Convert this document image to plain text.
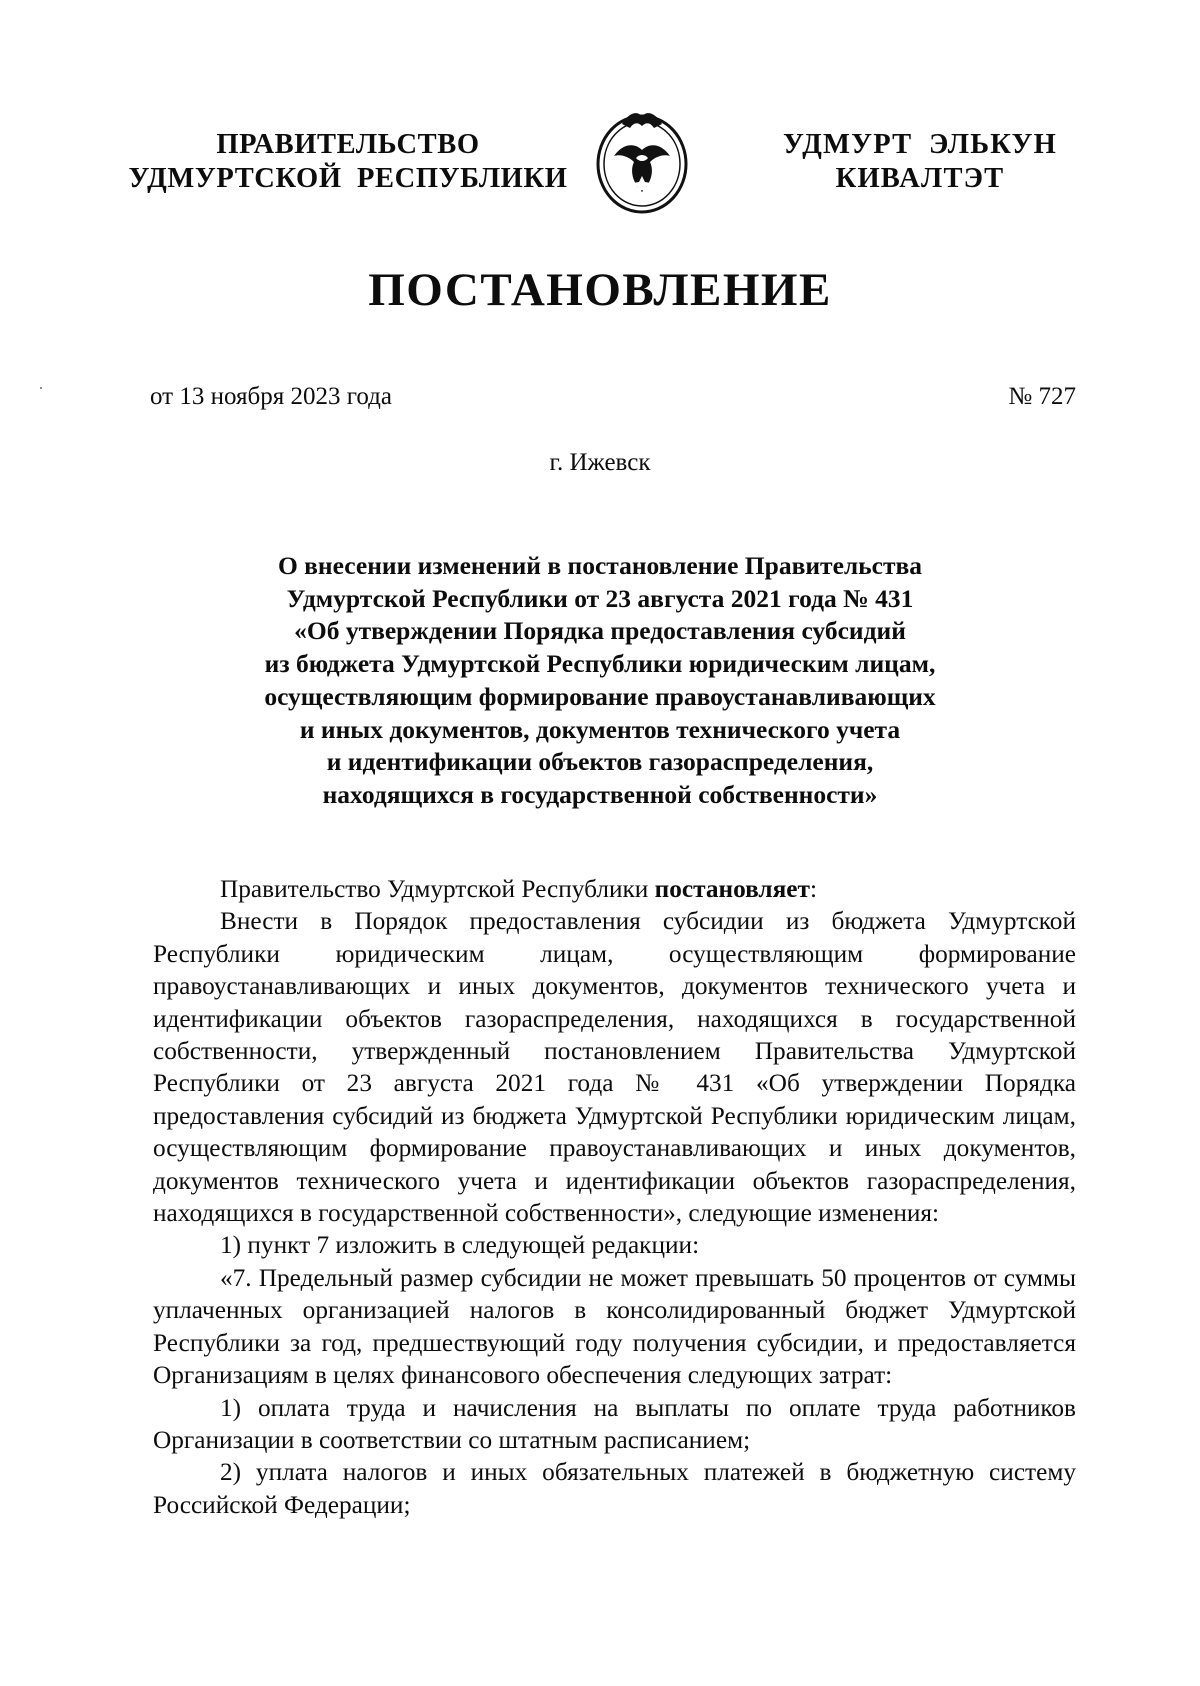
ПРАВИТЕЛЬСТВО
УДМУРТСКОЙ  РЕСПУБЛИКИ
УДМУРТ  ЭЛЬКУН
КИВАЛТЭТ
ПОСТАНОВЛЕНИЕ
от 13 ноября 2023 года	№ 727
г. Ижевск
О внесении изменений в постановление Правительства
Удмуртской Республики от 23 августа 2021 года № 431
«Об утверждении Порядка предоставления субсидий
из бюджета Удмуртской Республики юридическим лицам,
осуществляющим формирование правоустанавливающих
и иных документов, документов технического учета
и идентификации объектов газораспределения,
находящихся в государственной собственности»

Правительство Удмуртской Республики постановляет:

Внести в Порядок предоставления субсидии из бюджета Удмуртской Республики юридическим лицам, осуществляющим формирование правоустанавливающих и иных документов, документов технического учета и идентификации объектов газораспределения, находящихся в государственной собственности, утвержденный постановлением Правительства Удмуртской Республики от 23 августа 2021 года № 431 «Об утверждении Порядка предоставления субсидий из бюджета Удмуртской Республики юридическим лицам, осуществляющим формирование правоустанавливающих и иных документов, документов технического учета и идентификации объектов газораспределения, находящихся в государственной собственности», следующие изменения:

1) пункт 7 изложить в следующей редакции:

«7. Предельный размер субсидии не может превышать 50 процентов от суммы уплаченных организацией налогов в консолидированный бюджет Удмуртской Республики за год, предшествующий году получения субсидии, и предоставляется Организациям в целях финансового обеспечения следующих затрат:

1) оплата труда и начисления на выплаты по оплате труда работников Организации в соответствии со штатным расписанием;

2) уплата налогов и иных обязательных платежей в бюджетную систему Российской Федерации;
